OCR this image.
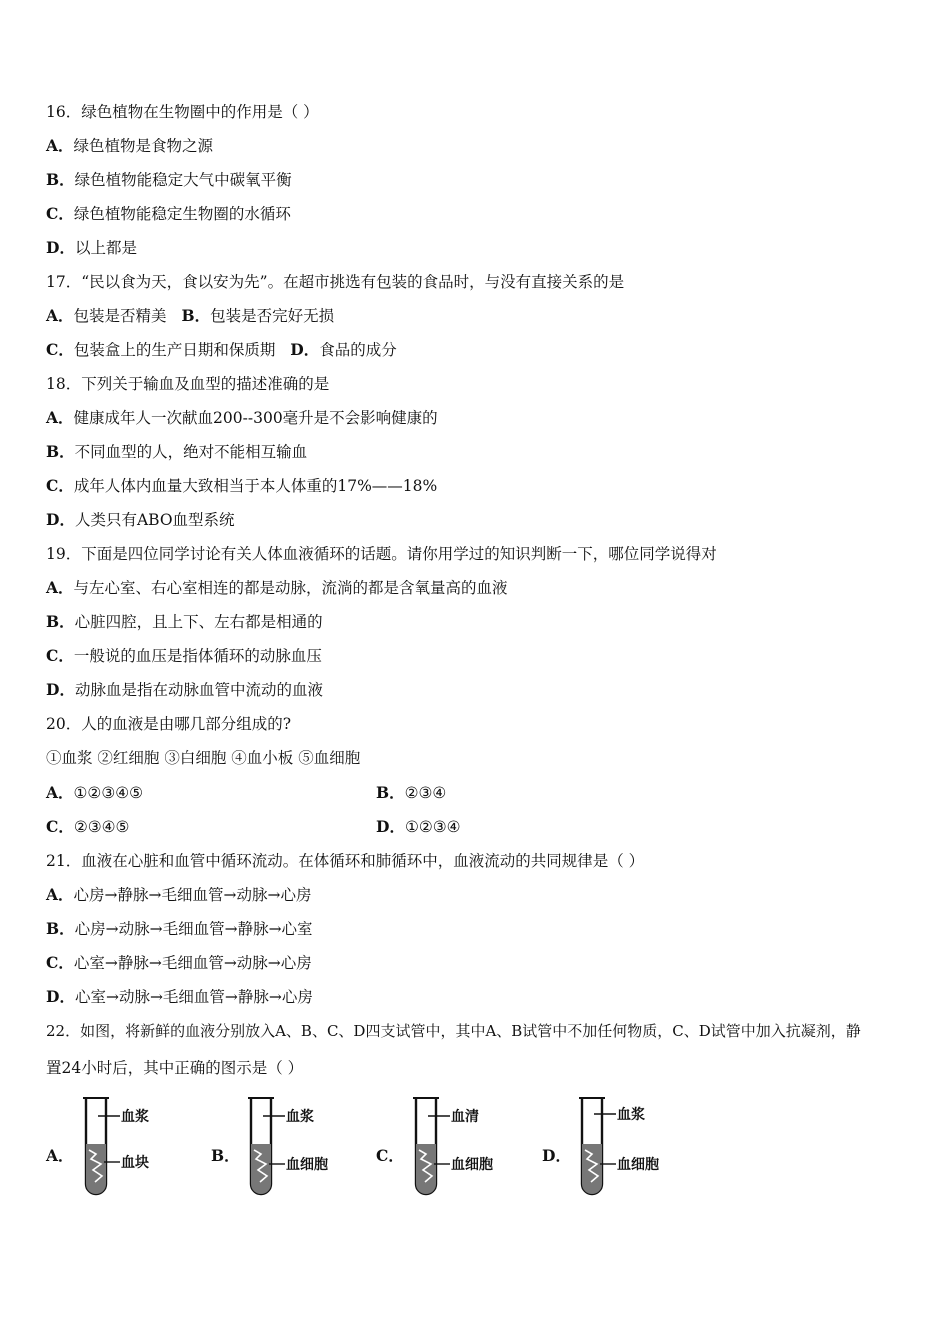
16．绿色植物在生物圈中的作用是（ ）
A．绿色植物是食物之源
B．绿色植物能稳定大气中碳氧平衡
C．绿色植物能稳定生物圈的水循环
D．以上都是
17．“民以食为天，食以安为先”。在超市挑选有包装的食品时，与没有直接关系的是
A．包装是否精美 B．包装是否完好无损
C．包装盒上的生产日期和保质期 D．食品的成分
18．下列关于输血及血型的描述准确的是
A．健康成年人一次献血200--300毫升是不会影响健康的
B．不同血型的人，绝对不能相互输血
C．成年人体内血量大致相当于本人体重的17%——18%
D．人类只有ABO血型系统
19．下面是四位同学讨论有关人体血液循环的话题。请你用学过的知识判断一下，哪位同学说得对
A．与左心室、右心室相连的都是动脉，流淌的都是含氧量高的血液
B．心脏四腔，且上下、左右都是相通的
C．一般说的血压是指体循环的动脉血压
D．动脉血是指在动脉血管中流动的血液
20．人的血液是由哪几部分组成的?
①血浆 ②红细胞 ③白细胞 ④血小板 ⑤血细胞
A．①②③④⑤	B．②③④
C．②③④⑤	D．①②③④
21．血液在心脏和血管中循环流动。在体循环和肺循环中，血液流动的共同规律是（ ）
A．心房→静脉→毛细血管→动脉→心房
B．心房→动脉→毛细血管→静脉→心室
C．心室→静脉→毛细血管→动脉→心房
D．心室→动脉→毛细血管→静脉→心房
22．如图，将新鲜的血液分别放入A、B、C、D四支试管中，其中A、B试管中不加任何物质，C、D试管中加入抗凝剂，静
置24小时后，其中正确的图示是（ ）
A．
血浆
血块	B．
血浆
血细胞	C．
血清
血细胞	D．
血浆
血细胞
